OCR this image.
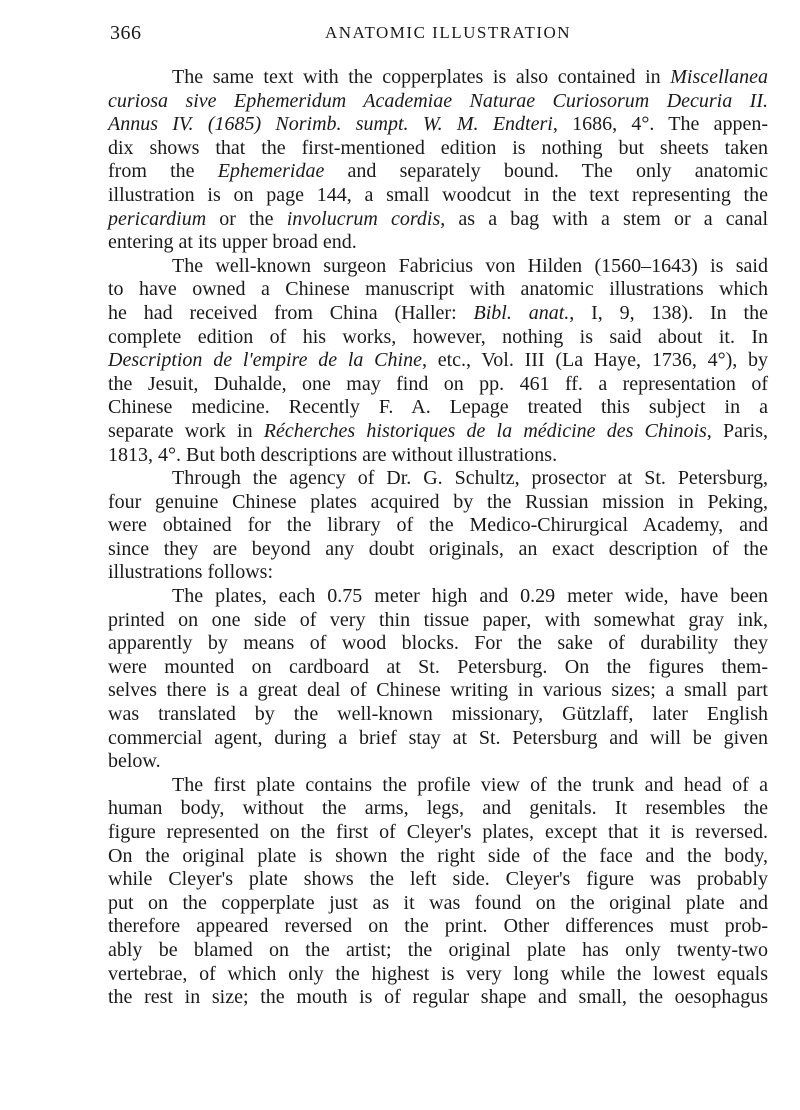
366	ANATOMIC ILLUSTRATION
The same text with the copperplates is also contained in Miscellanea
curiosa sive Ephemeridum Academiae Naturae Curiosorum Decuria II.
Annus IV. (1685) Norimb. sumpt. W. M. Endteri, 1686, 4°. The appen-
dix shows that the first-mentioned edition is nothing but sheets taken
from the Ephemeridae and separately bound. The only anatomic
illustration is on page 144, a small woodcut in the text representing the
pericardium or the involucrum cordis, as a bag with a stem or a canal
entering at its upper broad end.
The well-known surgeon Fabricius von Hilden (1560–1643) is said
to have owned a Chinese manuscript with anatomic illustrations which
he had received from China (Haller: Bibl. anat., I, 9, 138). In the
complete edition of his works, however, nothing is said about it. In
Description de l'empire de la Chine, etc., Vol. III (La Haye, 1736, 4°), by
the Jesuit, Duhalde, one may find on pp. 461 ff. a representation of
Chinese medicine. Recently F. A. Lepage treated this subject in a
separate work in Récherches historiques de la médicine des Chinois, Paris,
1813, 4°. But both descriptions are without illustrations.
Through the agency of Dr. G. Schultz, prosector at St. Petersburg,
four genuine Chinese plates acquired by the Russian mission in Peking,
were obtained for the library of the Medico-Chirurgical Academy, and
since they are beyond any doubt originals, an exact description of the
illustrations follows:
The plates, each 0.75 meter high and 0.29 meter wide, have been
printed on one side of very thin tissue paper, with somewhat gray ink,
apparently by means of wood blocks. For the sake of durability they
were mounted on cardboard at St. Petersburg. On the figures them-
selves there is a great deal of Chinese writing in various sizes; a small part
was translated by the well-known missionary, Gützlaff, later English
commercial agent, during a brief stay at St. Petersburg and will be given
below.
The first plate contains the profile view of the trunk and head of a
human body, without the arms, legs, and genitals. It resembles the
figure represented on the first of Cleyer's plates, except that it is reversed.
On the original plate is shown the right side of the face and the body,
while Cleyer's plate shows the left side. Cleyer's figure was probably
put on the copperplate just as it was found on the original plate and
therefore appeared reversed on the print. Other differences must prob-
ably be blamed on the artist; the original plate has only twenty-two
vertebrae, of which only the highest is very long while the lowest equals
the rest in size; the mouth is of regular shape and small, the oesophagus
